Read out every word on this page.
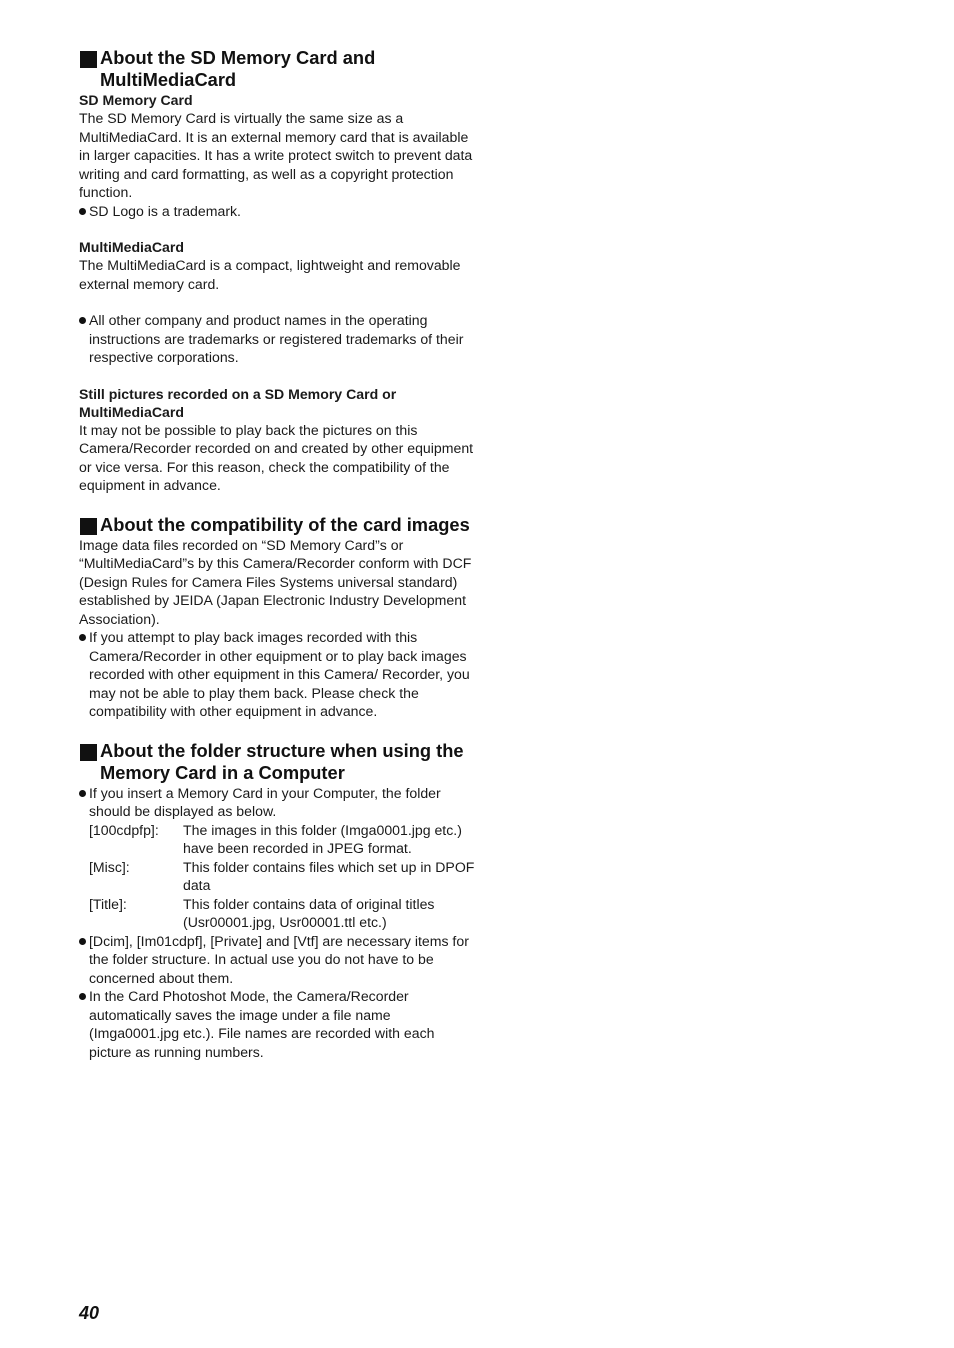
About the SD Memory Card and MultiMediaCard
SD Memory Card

The SD Memory Card is virtually the same size as a MultiMediaCard. It is an external memory card that is available in larger capacities. It has a write protect switch to prevent data writing and card formatting, as well as a copyright protection function.

SD Logo is a trademark.
MultiMediaCard

The MultiMediaCard is a compact, lightweight and removable external memory card.

All other company and product names in the operating instructions are trademarks or registered trademarks of their respective corporations.
Still pictures recorded on a SD Memory Card or MultiMediaCard

It may not be possible to play back the pictures on this Camera/Recorder recorded on and created by other equipment or vice versa. For this reason, check the compatibility of the equipment in advance.

About the compatibility of the card images

Image data files recorded on “SD Memory Card”s or “MultiMediaCard”s by this Camera/Recorder conform with DCF (Design Rules for Camera Files Systems universal standard) established by JEIDA (Japan Electronic Industry Development Association).

If you attempt to play back images recorded with this Camera/Recorder in other equipment or to play back images recorded with other equipment in this Camera/ Recorder, you may not be able to play them back. Please check the compatibility with other equipment in advance.
About the folder structure when using the Memory Card in a Computer
If you insert a Memory Card in your Computer, the folder should be displayed as below.
[100cdpfp]:	The images in this folder (Imga0001.jpg etc.) have been recorded in JPEG format.
[Misc]:	This folder contains files which set up in DPOF data
[Title]:	This folder contains data of original titles (Usr00001.jpg, Usr00001.ttl etc.)
[Dcim], [Im01cdpf], [Private] and [Vtf] are necessary items for the folder structure. In actual use you do not have to be concerned about them.
In the Card Photoshot Mode, the Camera/Recorder automatically saves the image under a file name (Imga0001.jpg etc.). File names are recorded with each picture as running numbers.
40
